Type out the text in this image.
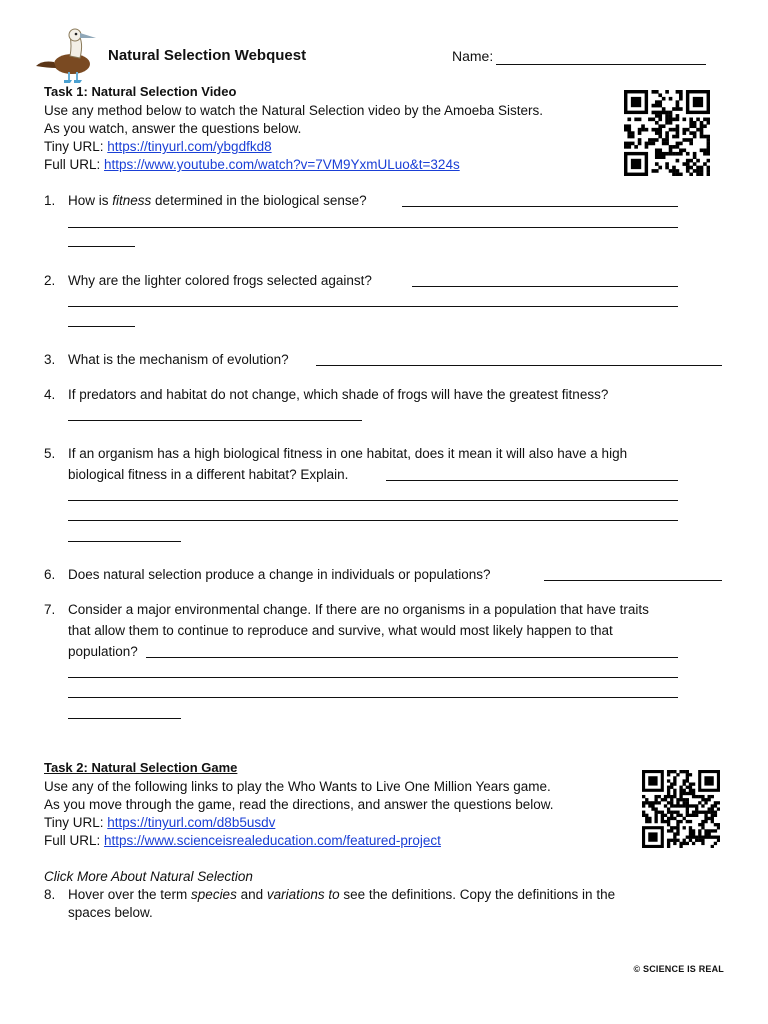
Natural Selection Webquest	Name:
Task 1: Natural Selection Video
Use any method below to watch the Natural Selection video by the Amoeba Sisters.
As you watch, answer the questions below.
Tiny URL: https://tinyurl.com/ybgdfkd8
Full URL: https://www.youtube.com/watch?v=7VM9YxmULuo&t=324s
1. How is fitness determined in the biological sense?
2. Why are the lighter colored frogs selected against?
3. What is the mechanism of evolution?
4. If predators and habitat do not change, which shade of frogs will have the greatest fitness?
5. If an organism has a high biological fitness in one habitat, does it mean it will also have a high
biological fitness in a different habitat? Explain.
6. Does natural selection produce a change in individuals or populations?
7. Consider a major environmental change. If there are no organisms in a population that have traits
that allow them to continue to reproduce and survive, what would most likely happen to that
population?
Task 2: Natural Selection Game
Use any of the following links to play the Who Wants to Live One Million Years game.
As you move through the game, read the directions, and answer the questions below.
Tiny URL: https://tinyurl.com/d8b5usdv
Full URL: https://www.scienceisrealeducation.com/featured-project
Click More About Natural Selection
8. Hover over the term species and variations to see the definitions. Copy the definitions in the
spaces below.
© SCIENCE IS REAL
